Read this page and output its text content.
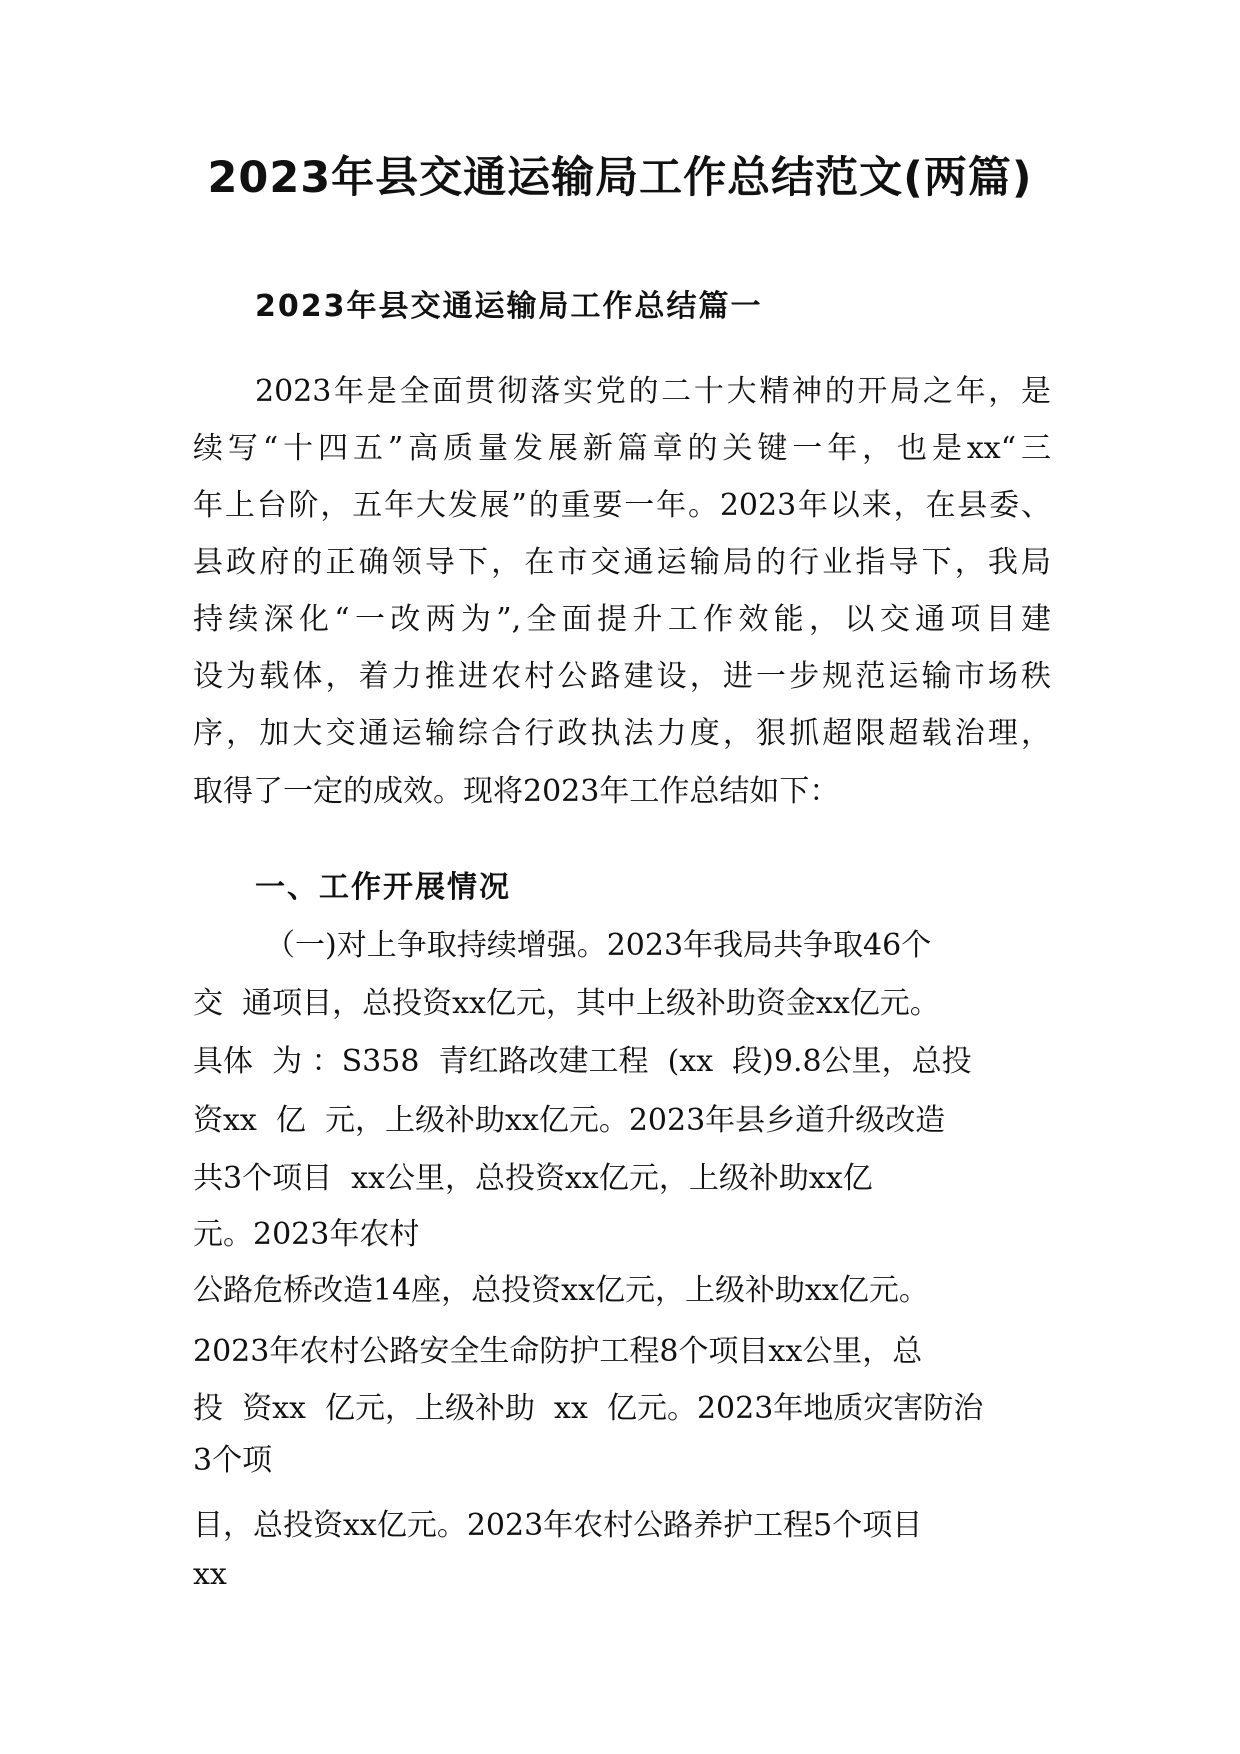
2023年县交通运输局工作总结范文(两篇)
2023年县交通运输局工作总结篇一

2023年是全面贯彻落实党的二十大精神的开局之年，是

续写“十四五”高质量发展新篇章的关键一年，也是xx“三

年上台阶，五年大发展”的重要一年。2023年以来，在县委、

县政府的正确领导下，在市交通运输局的行业指导下，我局

持续深化“一改两为”,全面提升工作效能，以交通项目建

设为载体，着力推进农村公路建设，进一步规范运输市场秩

序，加大交通运输综合行政执法力度，狠抓超限超载治理，

取得了一定的成效。现将2023年工作总结如下：

一、工作开展情况

（一)对上争取持续增强。2023年我局共争取46个

交  通项目，总投资xx亿元，其中上级补助资金xx亿元。

具体  为 ：S358  青红路改建工程  (xx  段)9.8公里，总投

资xx  亿  元，上级补助xx亿元。2023年县乡道升级改造

共3个项目  xx公里，总投资xx亿元，上级补助xx亿

元。2023年农村

公路危桥改造14座，总投资xx亿元，上级补助xx亿元。

2023年农村公路安全生命防护工程8个项目xx公里，总

投  资xx  亿元，上级补助  xx  亿元。2023年地质灾害防治

3个项

目，总投资xx亿元。2023年农村公路养护工程5个项目

xx
